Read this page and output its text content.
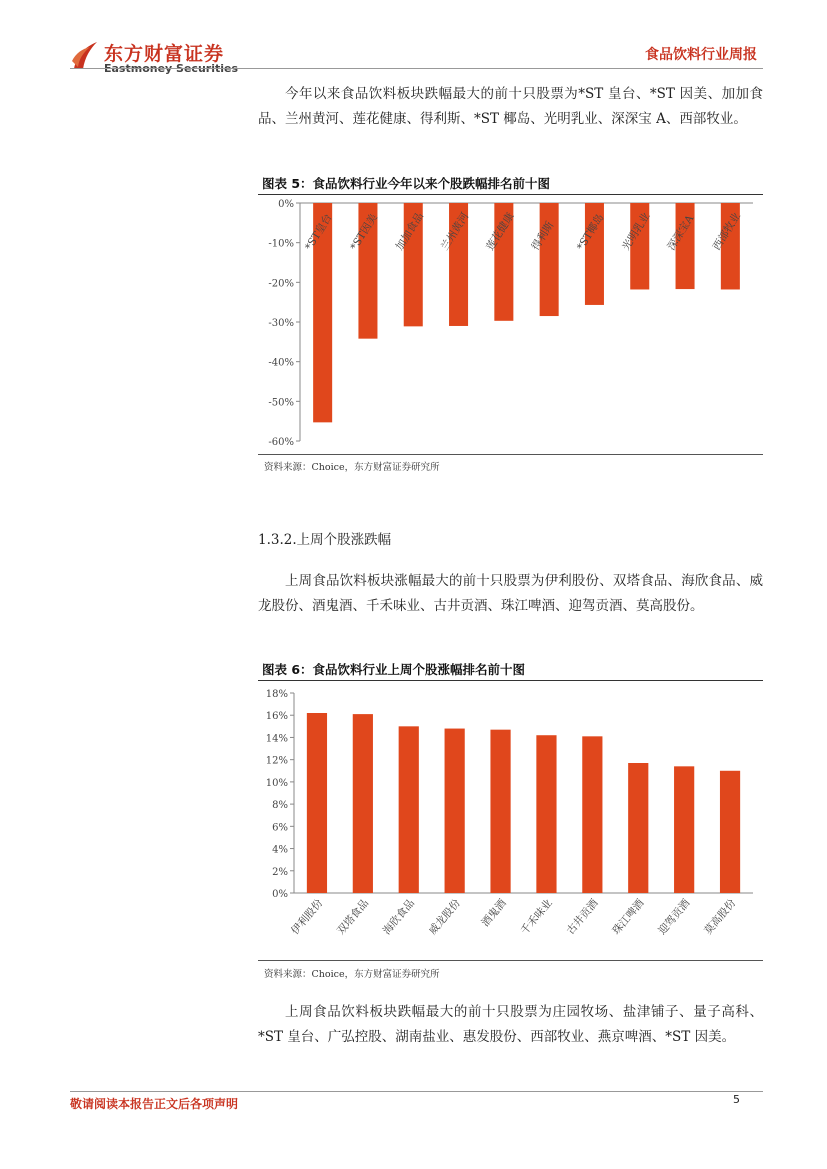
东方财富证券
Eastmoney Securities
食品饮料行业周报
今年以来食品饮料板块跌幅最大的前十只股票为*ST 皇台、*ST 因美、加加食品、兰州黄河、莲花健康、得利斯、*ST 椰岛、光明乳业、深深宝 A、西部牧业。
图表 5：食品饮料行业今年以来个股跌幅排名前十图
0%
-10%
-20%
-30%
-40%
-50%
-60%
*ST皇台 *ST因美 加加食品 兰州黄河 莲花健康 得利斯 *ST椰岛 光明乳业 深深宝A 西部牧业
资料来源：Choice，东方财富证券研究所
1.3.2.上周个股涨跌幅
上周食品饮料板块涨幅最大的前十只股票为伊利股份、双塔食品、海欣食品、威龙股份、酒鬼酒、千禾味业、古井贡酒、珠江啤酒、迎驾贡酒、莫高股份。
图表 6：食品饮料行业上周个股涨幅排名前十图
0%
2%
4%
6%
8%
10%
12%
14%
16%
18%
伊利股份 双塔食品 海欣食品 威龙股份 酒鬼酒 千禾味业 古井贡酒 珠江啤酒 迎驾贡酒 莫高股份
资料来源：Choice，东方财富证券研究所
上周食品饮料板块跌幅最大的前十只股票为庄园牧场、盐津铺子、量子高科、*ST 皇台、广弘控股、湖南盐业、惠发股份、西部牧业、燕京啤酒、*ST 因美。
敬请阅读本报告正文后各项声明	5
